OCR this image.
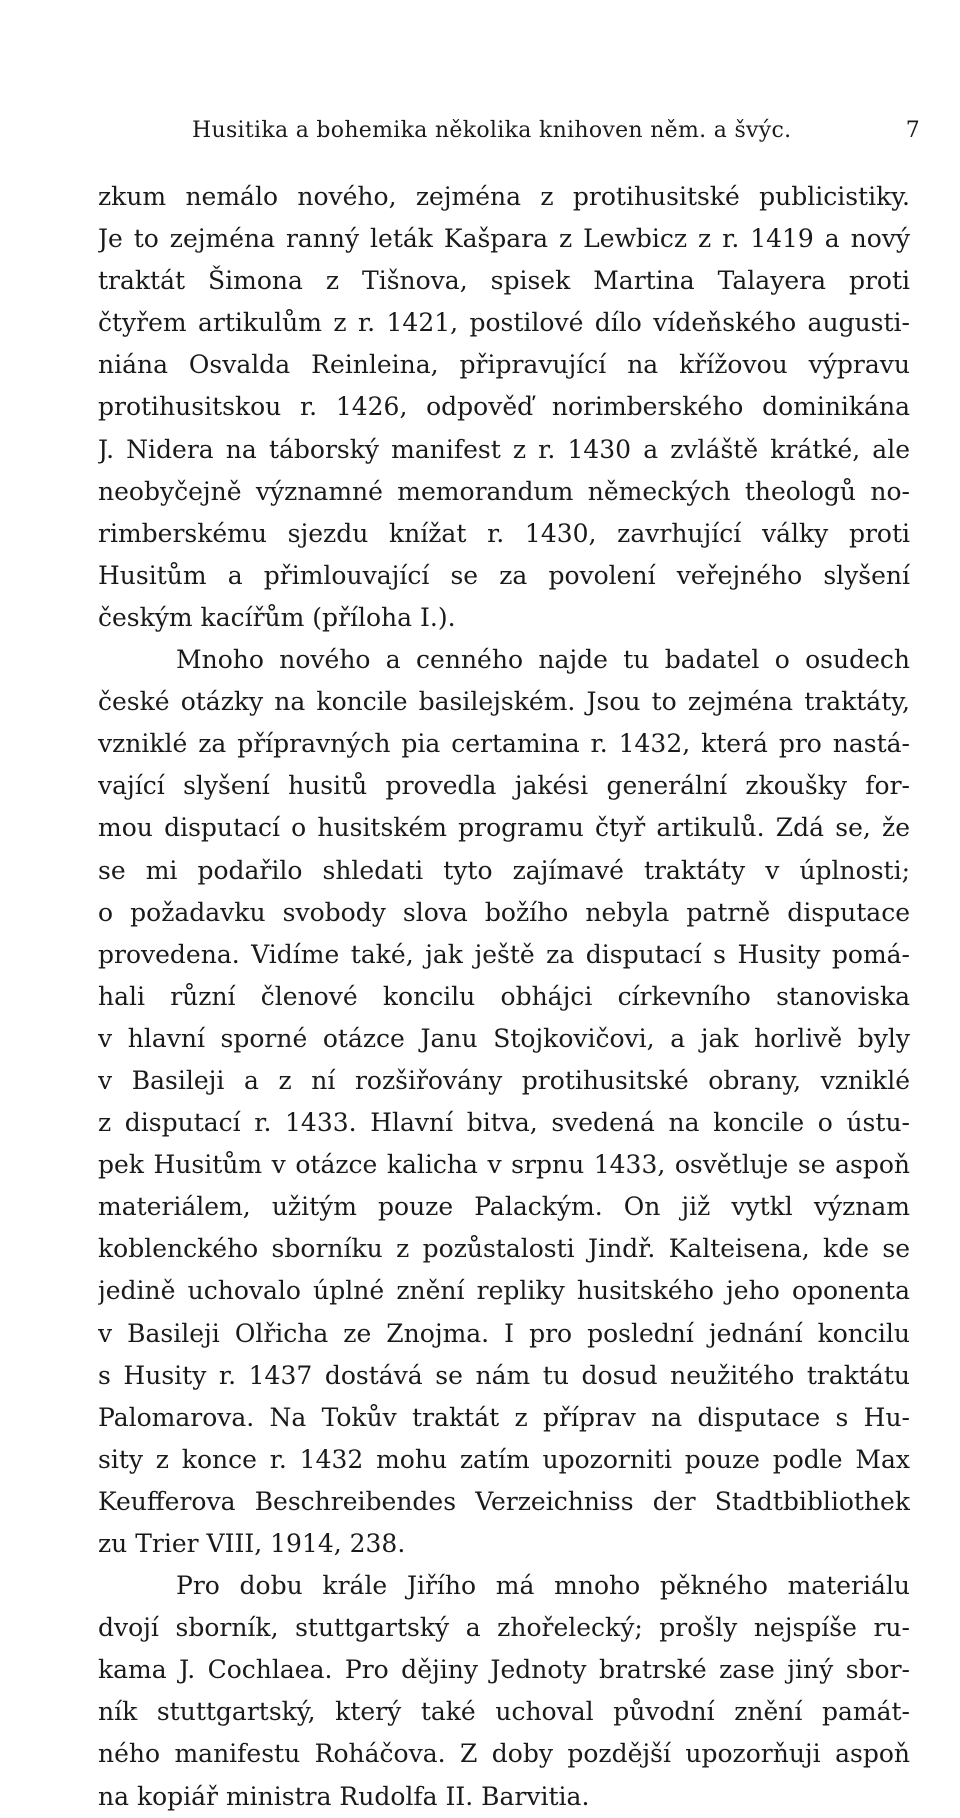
Husitika a bohemika několika knihoven něm. a švýc.	7
zkum nemálo nového, zejména z protihusitské publicistiky.
Je to zejména ranný leták Kašpara z Lewbicz z r. 1419 a nový
traktát Šimona z Tišnova, spisek Martina Talayera proti
čtyřem artikulům z r. 1421, postilové dílo vídeňského augusti-
niána Osvalda Reinleina, připravující na křížovou výpravu
protihusitskou r. 1426, odpověď norimberského dominikána
J. Nidera na táborský manifest z r. 1430 a zvláště krátké, ale
neobyčejně významné memorandum německých theologů no-
rimberskému sjezdu knížat r. 1430, zavrhující války proti
Husitům a přimlouvající se za povolení veřejného slyšení
českým kacířům (příloha I.).
Mnoho nového a cenného najde tu badatel o osudech
české otázky na koncile basilejském. Jsou to zejména traktáty,
vzniklé za přípravných pia certamina r. 1432, která pro nastá-
vající slyšení husitů provedla jakési generální zkoušky for-
mou disputací o husitském programu čtyř artikulů. Zdá se, že
se mi podařilo shledati tyto zajímavé traktáty v úplnosti;
o požadavku svobody slova božího nebyla patrně disputace
provedena. Vidíme také, jak ještě za disputací s Husity pomá-
hali různí členové koncilu obhájci církevního stanoviska
v hlavní sporné otázce Janu Stojkovičovi, a jak horlivě byly
v Basileji a z ní rozšiřovány protihusitské obrany, vzniklé
z disputací r. 1433. Hlavní bitva, svedená na koncile o ústu-
pek Husitům v otázce kalicha v srpnu 1433, osvětluje se aspoň
materiálem, užitým pouze Palackým. On již vytkl význam
koblenckého sborníku z pozůstalosti Jindř. Kalteisena, kde se
jedině uchovalo úplné znění repliky husitského jeho oponenta
v Basileji Olřicha ze Znojma. I pro poslední jednání koncilu
s Husity r. 1437 dostává se nám tu dosud neužitého traktátu
Palomarova. Na Tokův traktát z příprav na disputace s Hu-
sity z konce r. 1432 mohu zatím upozorniti pouze podle Max
Keufferova Beschreibendes Verzeichniss der Stadtbibliothek
zu Trier VIII, 1914, 238.
Pro dobu krále Jiřího má mnoho pěkného materiálu
dvojí sborník, stuttgartský a zhořelecký; prošly nejspíše ru-
kama J. Cochlaea. Pro dějiny Jednoty bratrské zase jiný sbor-
ník stuttgartský, který také uchoval původní znění památ-
ného manifestu Roháčova. Z doby pozdější upozorňuji aspoň
na kopiář ministra Rudolfa II. Barvitia.
